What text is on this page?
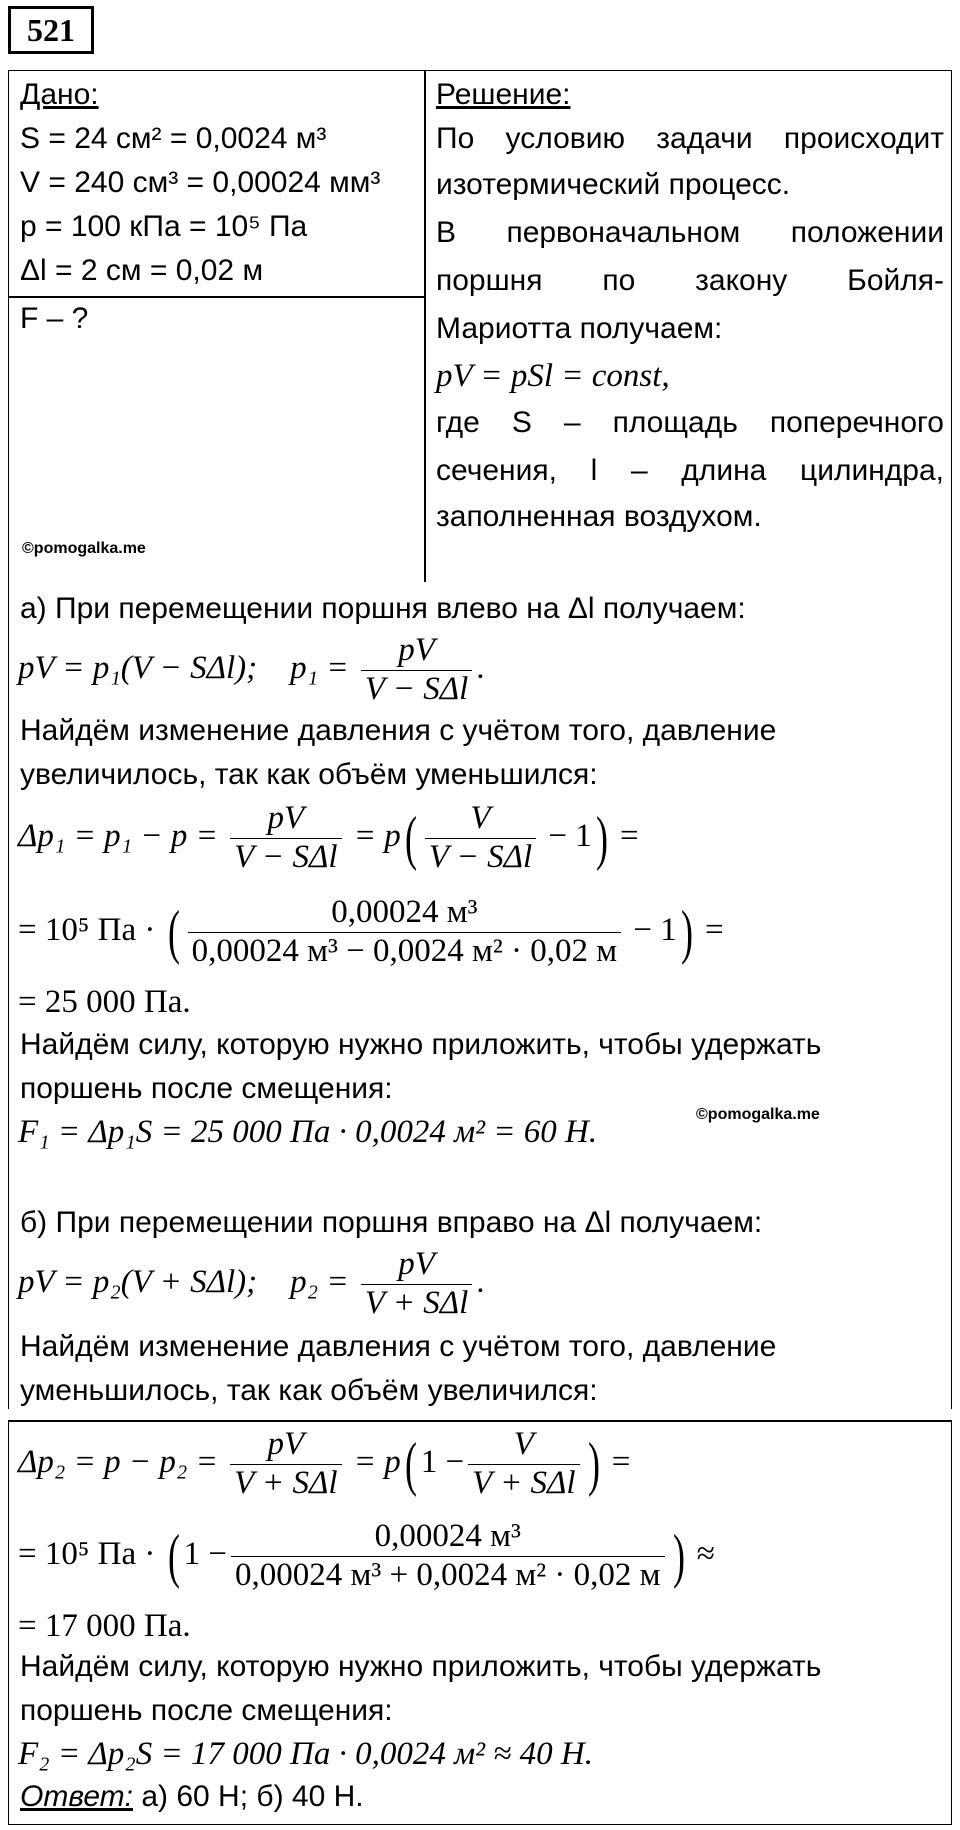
521
Дано:
S = 24 см² = 0,0024 м³
V = 240 см³ = 0,00024 мм³
p = 100 кПа = 10⁵ Па
Δl = 2 см = 0,02 м
F – ?
©pomogalka.me
Решение:
По условию задачи происходит
изотермический процесс.
В первоначальном положении
поршня по закону Бойля-
Мариотта получаем:
pV = pSl = const,
где S – площадь поперечного
сечения, l – длина цилиндра,
заполненная воздухом.
а) При перемещении поршня влево на Δl получаем:
pV = p₁(V − SΔl); $p_1 = \frac{pV}{\text{V − SΔl}}$ .
Найдём изменение давления с учётом того, давление
увеличилось, так как объём уменьшился:
$\Delta p_1 = p_1 - p = \frac{pV}{\text{V − SΔl}} = p( \frac{V}{\text{V − SΔl}} - 1)$ =
= 10⁵ Па · ( $\frac{\text{0,00024 м³}}{\text{0,00024 м³ − 0,0024 м² · 0,02 м}} - 1$) =
= 25 000 Па.
Найдём силу, которую нужно приложить, чтобы удержать
поршень после смещения:
F₁ = Δp₁S = 25 000 Па · 0,0024 м² = 60 Н.	©pomogalka.me
б) При перемещении поршня вправо на Δl получаем:
pV = p₂(V + SΔl); $p_2 = \frac{pV}{\text{V + SΔl}}$ .
Найдём изменение давления с учётом того, давление
уменьшилось, так как объём увеличился:
$\Delta p_2 = p - p_2 = \frac{pV}{\text{V + SΔl}} = p$( $1 - \frac{V}{\text{V + SΔl}}$ ) =
= 10⁵ Па · ( $1 - \frac{\text{0,00024 м³}}{\text{0,00024 м³ + 0,0024 м² · 0,02 м}}$ ) ≈
= 17 000 Па.
Найдём силу, которую нужно приложить, чтобы удержать
поршень после смещения:
F₂ = Δp₂S = 17 000 Па · 0,0024 м² ≈ 40 Н.
Ответ: а) 60 Н; б) 40 Н.
